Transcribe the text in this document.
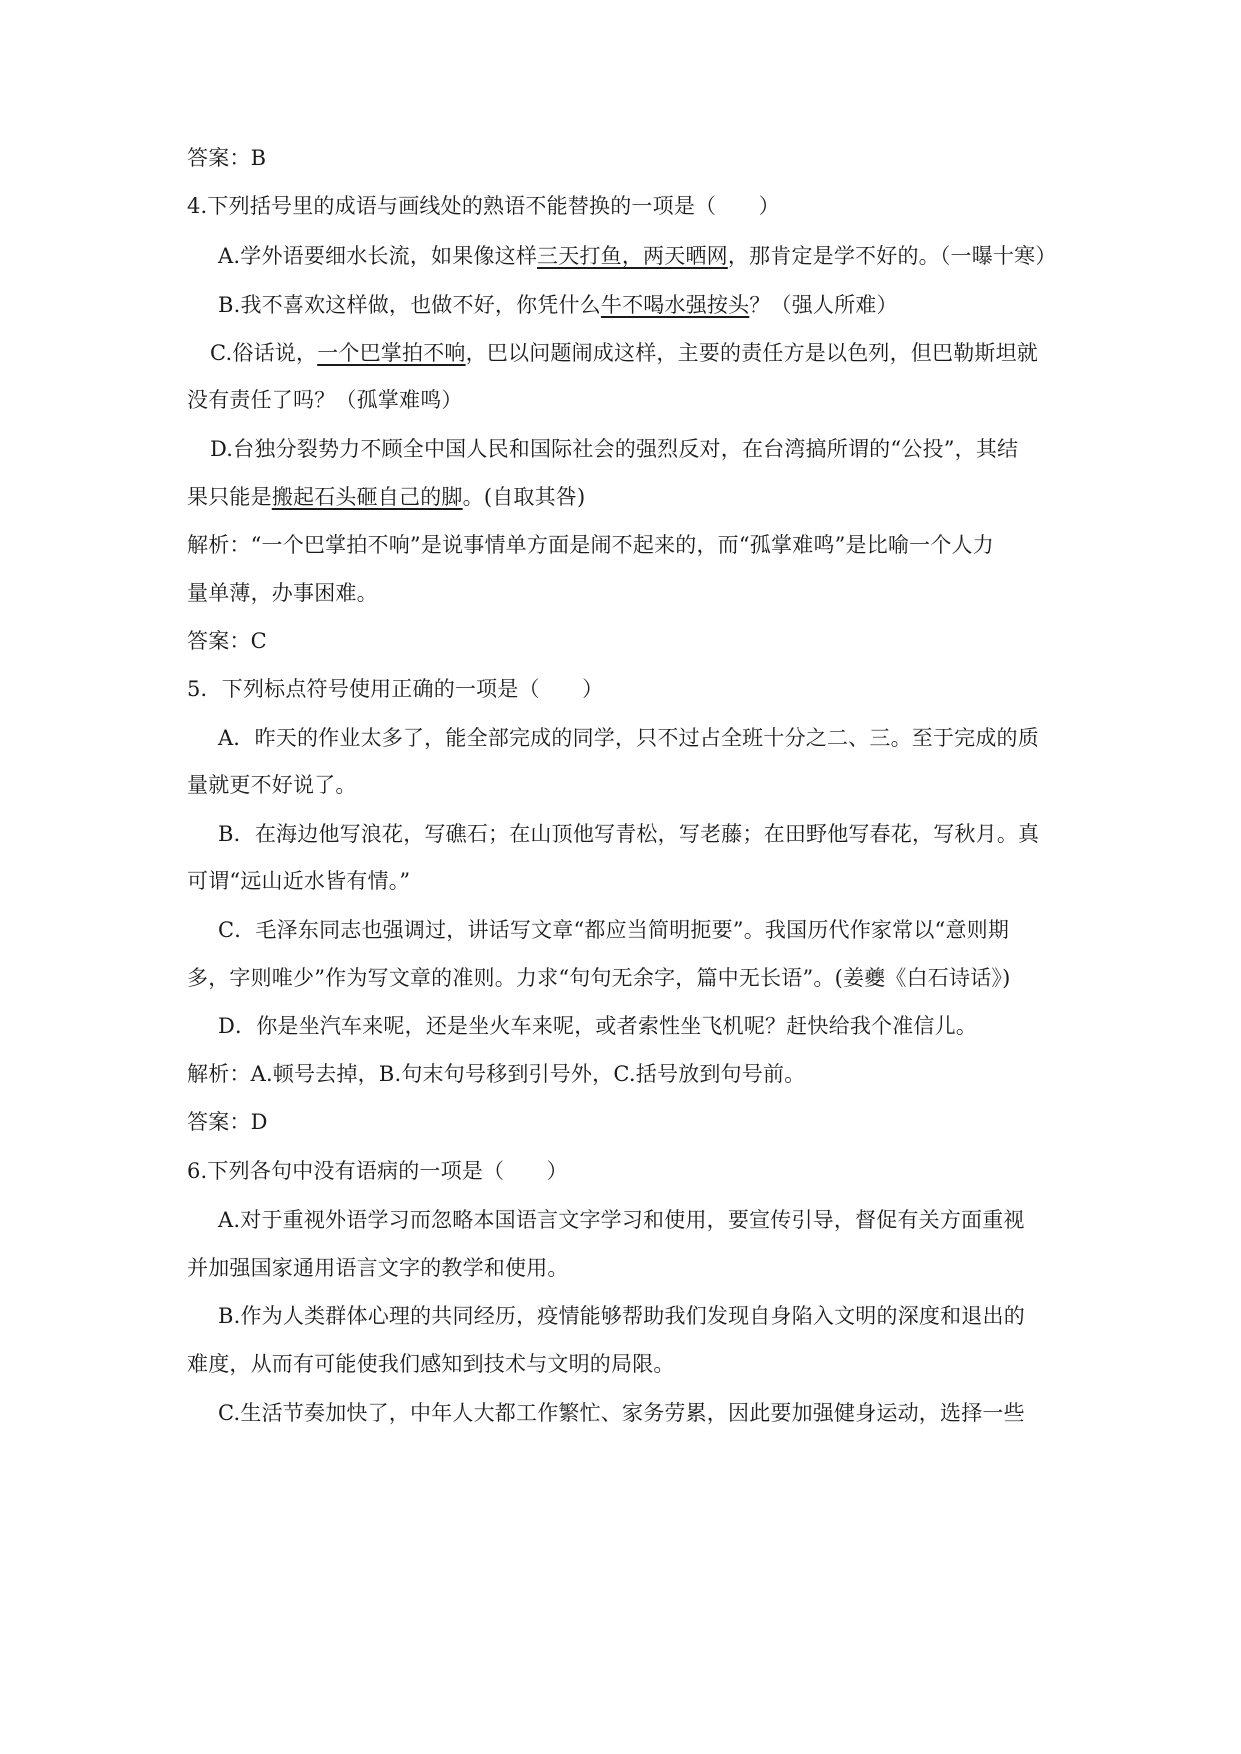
答案：B
4.下列括号里的成语与画线处的熟语不能替换的一项是（　　）
A.学外语要细水长流，如果像这样三天打鱼，两天晒网，那肯定是学不好的。（一曝十寒）
B.我不喜欢这样做，也做不好，你凭什么牛不喝水强按头？（强人所难）
C.俗话说，一个巴掌拍不响，巴以问题闹成这样，主要的责任方是以色列，但巴勒斯坦就
没有责任了吗？（孤掌难鸣）
D.台独分裂势力不顾全中国人民和国际社会的强烈反对，在台湾搞所谓的“公投”，其结
果只能是搬起石头砸自己的脚。(自取其咎)
解析：“一个巴掌拍不响”是说事情单方面是闹不起来的，而“孤掌难鸣”是比喻一个人力
量单薄，办事困难。
答案：C
5．下列标点符号使用正确的一项是（　　）
A．昨天的作业太多了，能全部完成的同学，只不过占全班十分之二、三。至于完成的质
量就更不好说了。
B．在海边他写浪花，写礁石；在山顶他写青松，写老藤；在田野他写春花，写秋月。真
可谓“远山近水皆有情。”
C．毛泽东同志也强调过，讲话写文章“都应当简明扼要”。我国历代作家常以“意则期
多，字则唯少”作为写文章的准则。力求“句句无余字，篇中无长语”。(姜夔《白石诗话》)
D．你是坐汽车来呢，还是坐火车来呢，或者索性坐飞机呢？赶快给我个准信儿。
解析：A.顿号去掉，B.句末句号移到引号外，C.括号放到句号前。
答案：D
6.下列各句中没有语病的一项是（　　）
A.对于重视外语学习而忽略本国语言文字学习和使用，要宣传引导，督促有关方面重视
并加强国家通用语言文字的教学和使用。
B.作为人类群体心理的共同经历，疫情能够帮助我们发现自身陷入文明的深度和退出的
难度，从而有可能使我们感知到技术与文明的局限。
C.生活节奏加快了，中年人大都工作繁忙、家务劳累，因此要加强健身运动，选择一些
